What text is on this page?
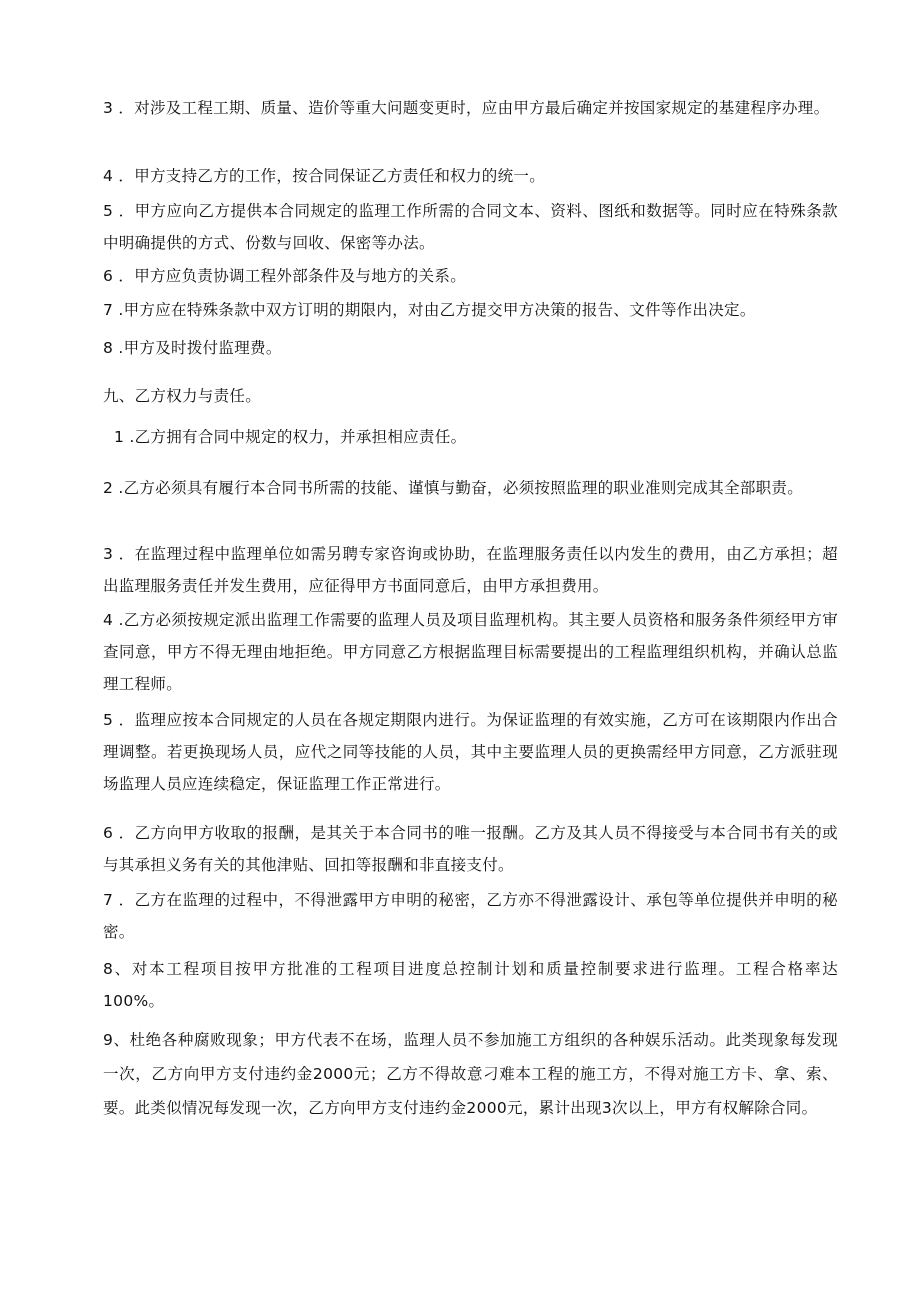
3 ．对涉及工程工期、质量、造价等重大问题变更时，应由甲方最后确定并按国家规定的基建程序办理。

4 ．甲方支持乙方的工作，按合同保证乙方责任和权力的统一。

5 ．甲方应向乙方提供本合同规定的监理工作所需的合同文本、资料、图纸和数据等。同时应在特殊条款中明确提供的方式、份数与回收、保密等办法。

6 ．甲方应负责协调工程外部条件及与地方的关系。

7 .甲方应在特殊条款中双方订明的期限内，对由乙方提交甲方决策的报告、文件等作出决定。

8 .甲方及时拨付监理费。

九、乙方权力与责任。

1 .乙方拥有合同中规定的权力，并承担相应责任。

2 .乙方必须具有履行本合同书所需的技能、谨慎与勤奋，必须按照监理的职业准则完成其全部职责。

3 ．在监理过程中监理单位如需另聘专家咨询或协助，在监理服务责任以内发生的费用，由乙方承担；超出监理服务责任并发生费用，应征得甲方书面同意后，由甲方承担费用。

4 .乙方必须按规定派出监理工作需要的监理人员及项目监理机构。其主要人员资格和服务条件须经甲方审查同意，甲方不得无理由地拒绝。甲方同意乙方根据监理目标需要提出的工程监理组织机构，并确认总监理工程师。

5 ．监理应按本合同规定的人员在各规定期限内进行。为保证监理的有效实施，乙方可在该期限内作出合理调整。若更换现场人员，应代之同等技能的人员，其中主要监理人员的更换需经甲方同意，乙方派驻现场监理人员应连续稳定，保证监理工作正常进行。

6 ．乙方向甲方收取的报酬，是其关于本合同书的唯一报酬。乙方及其人员不得接受与本合同书有关的或与其承担义务有关的其他津贴、回扣等报酬和非直接支付。

7 ．乙方在监理的过程中，不得泄露甲方申明的秘密，乙方亦不得泄露设计、承包等单位提供并申明的秘密。

8、对本工程项目按甲方批准的工程项目进度总控制计划和质量控制要求进行监理。工程合格率达100%。

9、杜绝各种腐败现象；甲方代表不在场，监理人员不参加施工方组织的各种娱乐活动。此类现象每发现一次，乙方向甲方支付违约金2000元；乙方不得故意刁难本工程的施工方，不得对施工方卡、拿、索、要。此类似情况每发现一次，乙方向甲方支付违约金2000元，累计出现3次以上，甲方有权解除合同。
